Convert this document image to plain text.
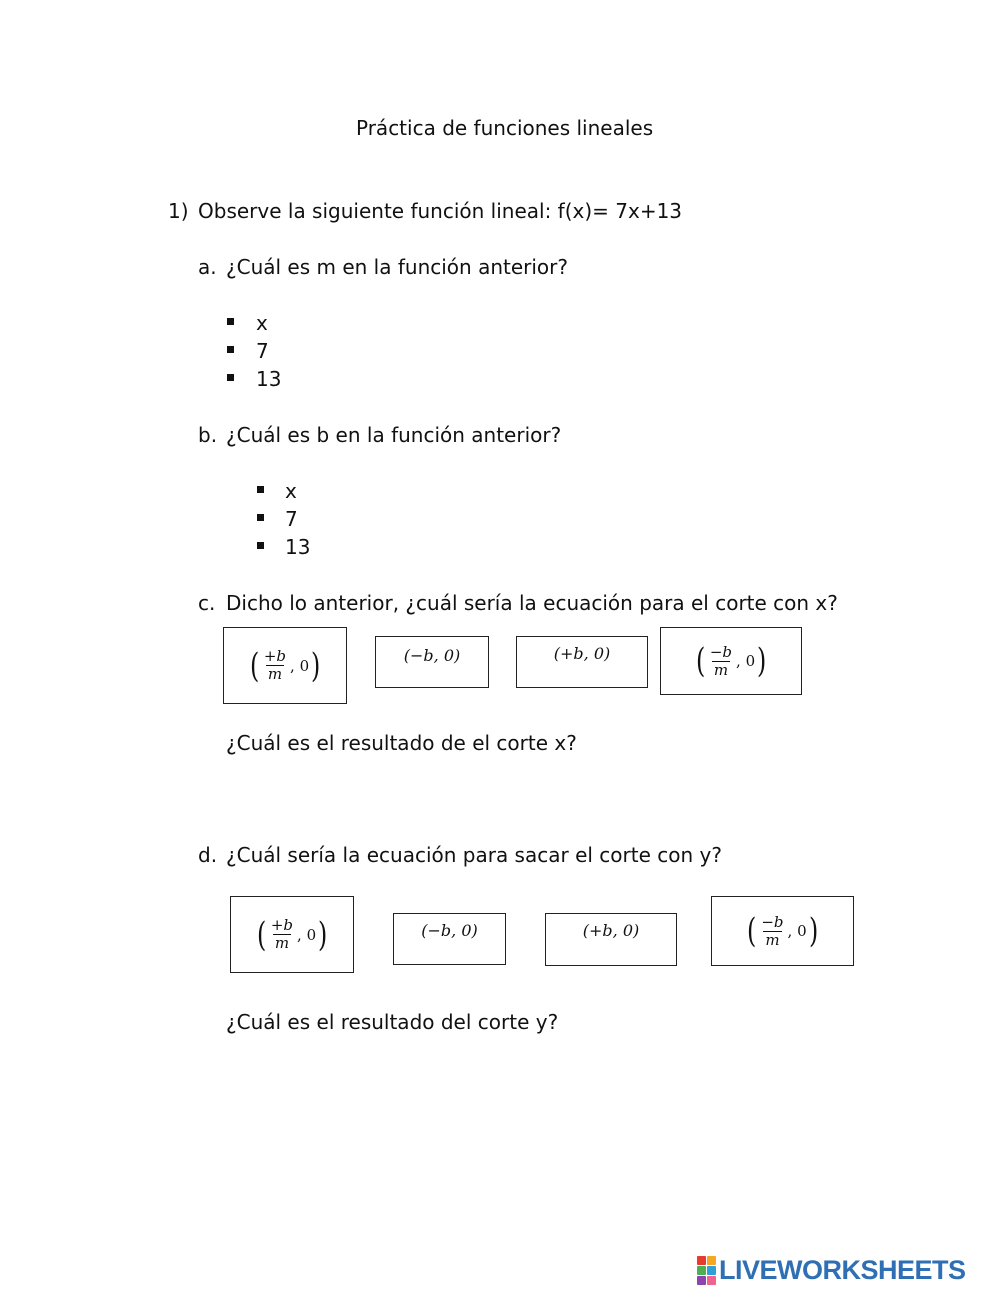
Práctica de funciones lineales
1) Observe la siguiente función lineal: f(x)= 7x+13
a. ¿Cuál es m en la función anterior?
x
7
13
b. ¿Cuál es b en la función anterior?
x
7
13
c. Dicho lo anterior, ¿cuál sería la ecuación para el corte con x?
( $\frac{+b}{m}$ , 0 )	(−b, 0)	(+b, 0)	( $\frac{-b}{m}$ , 0 )
¿Cuál es el resultado de el corte x?
d. ¿Cuál sería la ecuación para sacar el corte con y?
( $\frac{+b}{m}$ , 0 )	(−b, 0)	(+b, 0)	( $\frac{-b}{m}$ , 0 )
¿Cuál es el resultado del corte y?
LIVEWORKSHEETS
